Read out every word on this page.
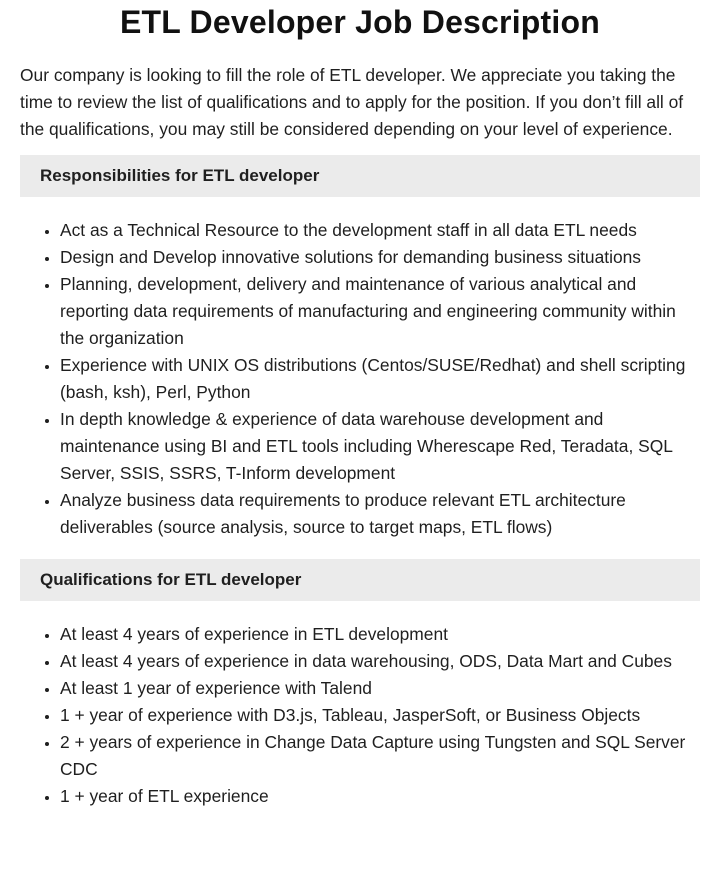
ETL Developer Job Description

Our company is looking to fill the role of ETL developer. We appreciate you taking the time to review the list of qualifications and to apply for the position. If you don’t fill all of the qualifications, you may still be considered depending on your level of experience.

Responsibilities for ETL developer
• Act as a Technical Resource to the development staff in all data ETL needs
• Design and Develop innovative solutions for demanding business situations
• Planning, development, delivery and maintenance of various analytical and reporting data requirements of manufacturing and engineering community within the organization
• Experience with UNIX OS distributions (Centos/SUSE/Redhat) and shell scripting (bash, ksh), Perl, Python
• In depth knowledge & experience of data warehouse development and maintenance using BI and ETL tools including Wherescape Red, Teradata, SQL Server, SSIS, SSRS, T-Inform development
• Analyze business data requirements to produce relevant ETL architecture deliverables (source analysis, source to target maps, ETL flows)
Qualifications for ETL developer
• At least 4 years of experience in ETL development
• At least 4 years of experience in data warehousing, ODS, Data Mart and Cubes
• At least 1 year of experience with Talend
• 1 + year of experience with D3.js, Tableau, JasperSoft, or Business Objects
• 2 + years of experience in Change Data Capture using Tungsten and SQL Server CDC
• 1 + year of ETL experience
